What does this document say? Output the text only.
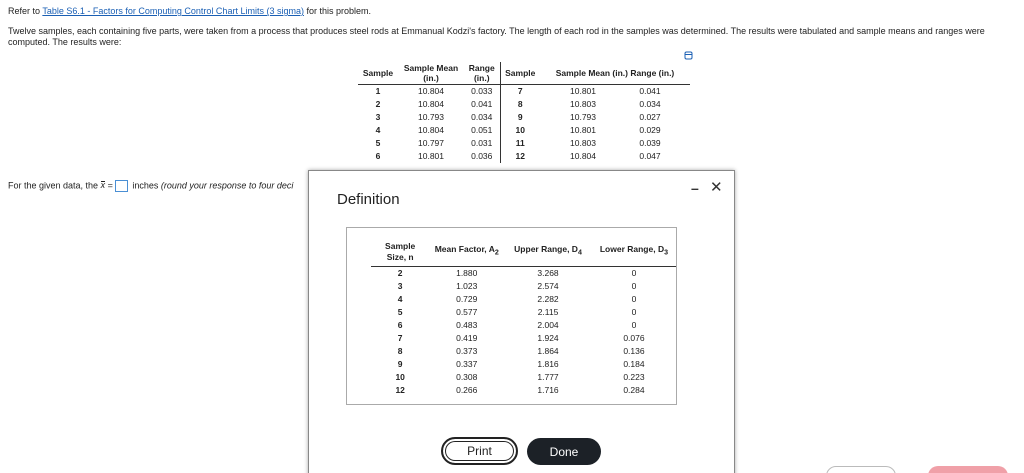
Refer to Table S6.1 - Factors for Computing Control Chart Limits (3 sigma) for this problem.
Twelve samples, each containing five parts, were taken from a process that produces steel rods at Emmanual Kodzi's factory. The length of each rod in the samples was determined. The results were tabulated and sample means and ranges were computed. The results were:
Sample	Sample Mean (in.)	Range (in.)	Sample	Sample Mean (in.) Range (in.)
1	10.804	0.033	7	10.801 0.041
2	10.804	0.041	8	10.803 0.034
3	10.793	0.034	9	10.793 0.027
4	10.804	0.051	10	10.801 0.029
5	10.797	0.031	11	10.803 0.039
6	10.801	0.036	12	10.804 0.047
For the given data, the x = inches (round your response to four deci
Definition
Sample Size, n	Mean Factor, $A_2$	Upper Range, $D_4$	Lower Range, $D_3$
2	1.880	3.268	0
3	1.023	2.574	0
4	0.729	2.282	0
5	0.577	2.115	0
6	0.483	2.004	0
7	0.419	1.924	0.076
8	0.373	1.864	0.136
9	0.337	1.816	0.184
10	0.308	1.777	0.223
12	0.266	1.716	0.284
Print	Done
– ✕
